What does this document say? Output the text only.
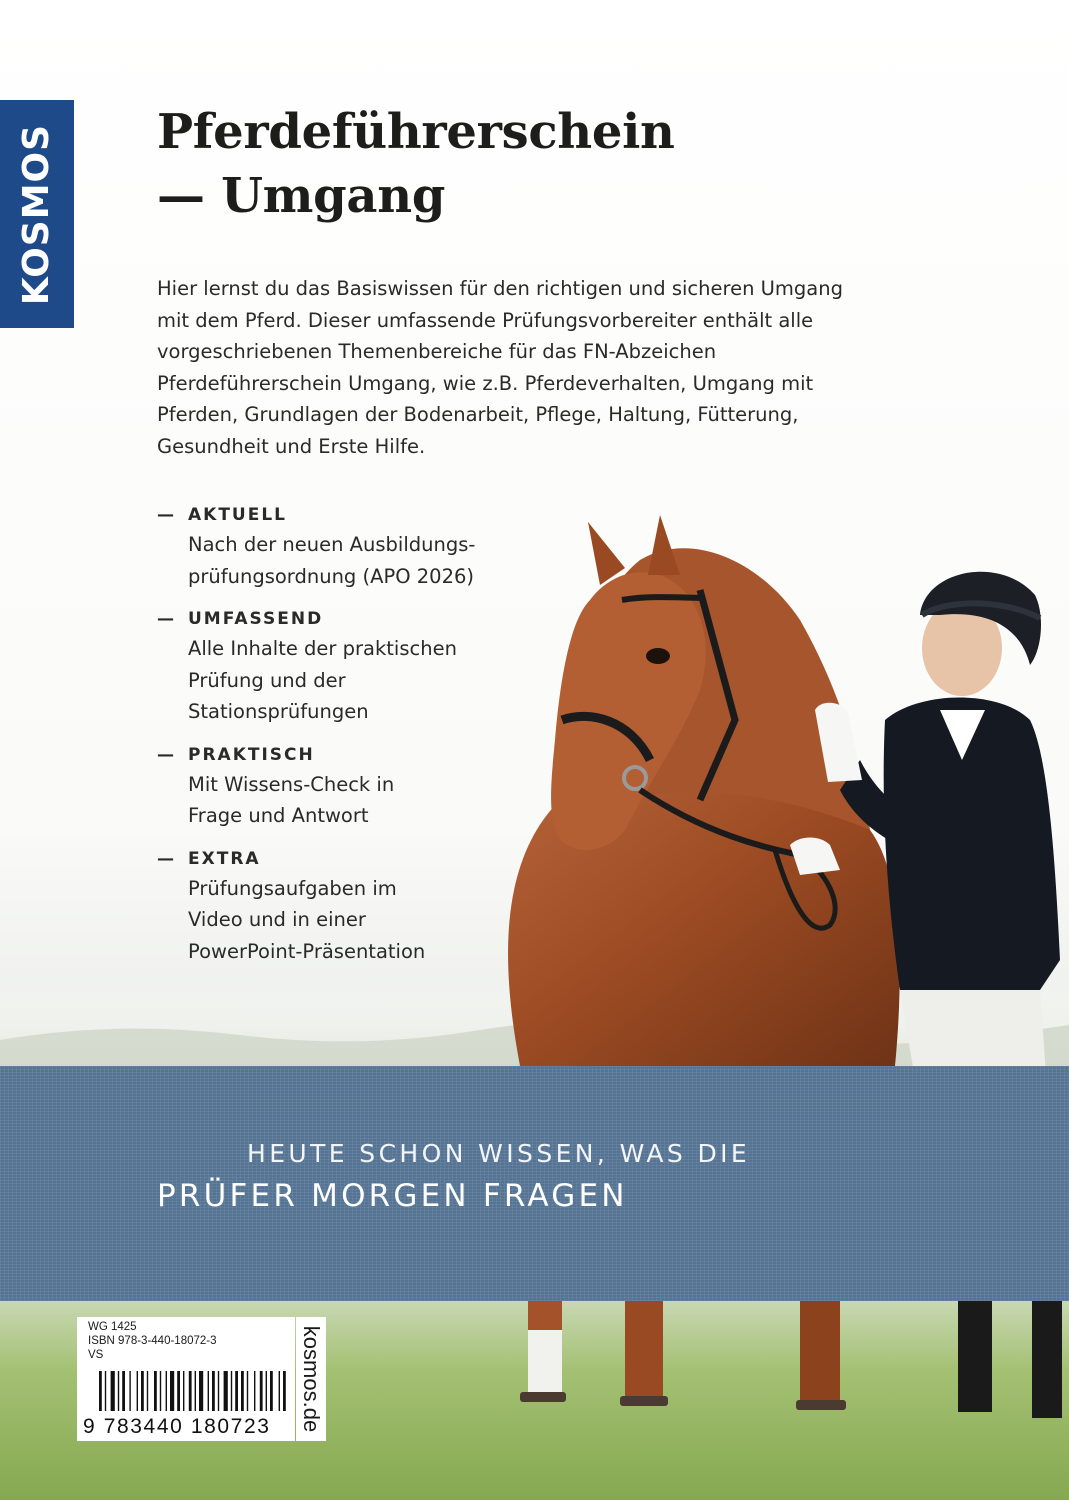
KOSMOS Pferdeführerschein
— Umgang

Hier lernst du das Basiswissen für den richtigen und sicheren Umgang mit dem Pferd. Dieser umfassende Prüfungsvorbereiter enthält alle vorgeschriebenen Themenbereiche für das FN-Abzeichen Pferdeführerschein Umgang, wie z.B. Pferdeverhalten, Umgang mit Pferden, Grundlagen der Bodenarbeit, Pflege, Haltung, Fütterung, Gesundheit und Erste Hilfe.

— AKTUELL
Nach der neuen Ausbildungs-
prüfungsordnung (APO 2026)
— UMFASSEND
Alle Inhalte der praktischen
Prüfung und der
Stationsprüfungen
— PRAKTISCH
Mit Wissens-Check in
Frage und Antwort
— EXTRA
Prüfungsaufgaben im
Video und in einer
PowerPoint-Präsentation
HEUTE SCHON WISSEN, WAS DIE
PRÜFER MORGEN FRAGEN
WG 1425
ISBN 978-3-440-18072-3
VS
9 783440 180723 kosmos.de
